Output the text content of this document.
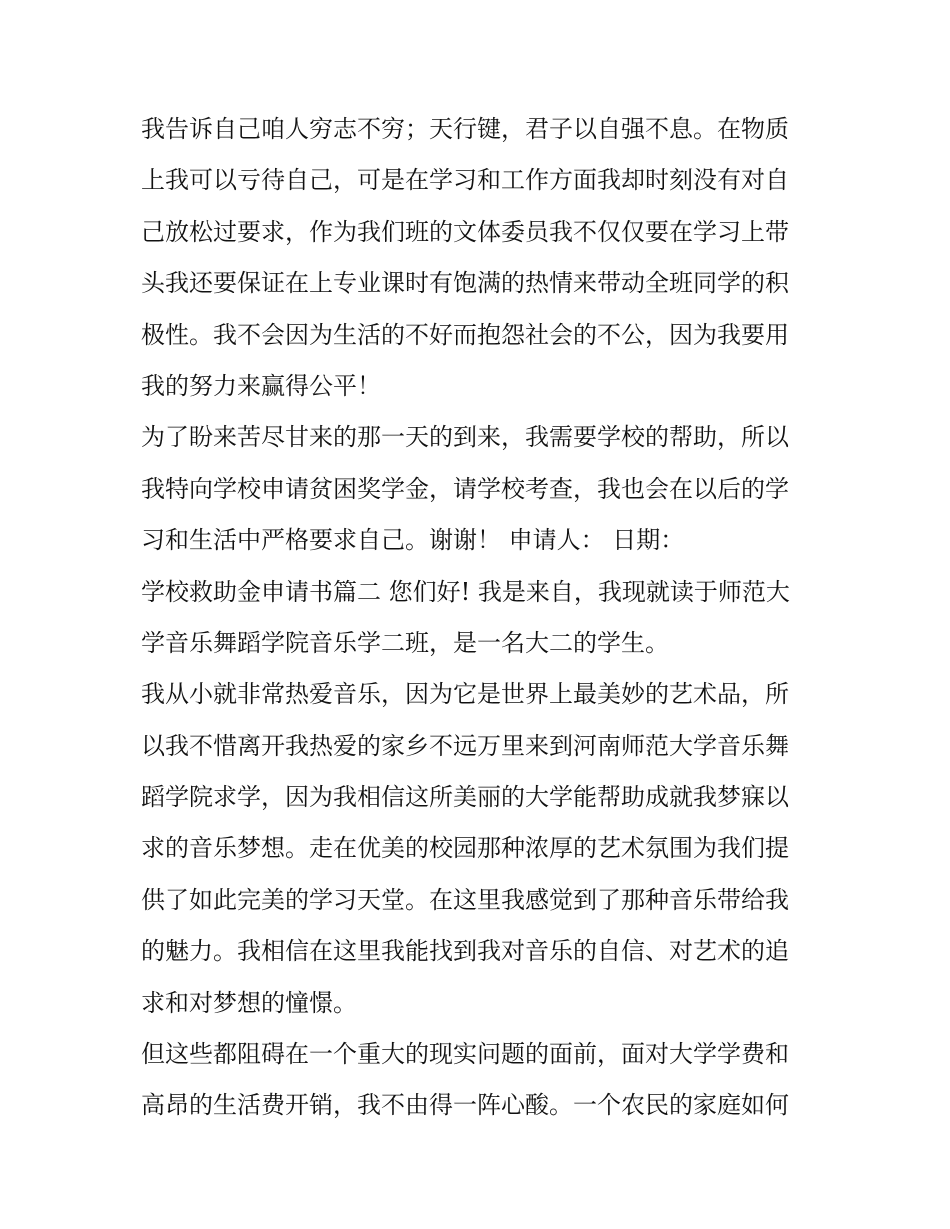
我告诉自己咱人穷志不穷；天行键，君子以自强不息。在物质
上我可以亏待自己，可是在学习和工作方面我却时刻没有对自
己放松过要求，作为我们班的文体委员我不仅仅要在学习上带
头我还要保证在上专业课时有饱满的热情来带动全班同学的积
极性。我不会因为生活的不好而抱怨社会的不公，因为我要用
我的努力来赢得公平！
为了盼来苦尽甘来的那一天的到来，我需要学校的帮助，所以
我特向学校申请贫困奖学金，请学校考查，我也会在以后的学
习和生活中严格要求自己。谢谢！ 申请人： 日期：
学校救助金申请书篇二 您们好! 我是来自，我现就读于师范大
学音乐舞蹈学院音乐学二班，是一名大二的学生。
我从小就非常热爱音乐，因为它是世界上最美妙的艺术品，所
以我不惜离开我热爱的家乡不远万里来到河南师范大学音乐舞
蹈学院求学，因为我相信这所美丽的大学能帮助成就我梦寐以
求的音乐梦想。走在优美的校园那种浓厚的艺术氛围为我们提
供了如此完美的学习天堂。在这里我感觉到了那种音乐带给我
的魅力。我相信在这里我能找到我对音乐的自信、对艺术的追
求和对梦想的憧憬。
但这些都阻碍在一个重大的现实问题的面前，面对大学学费和
高昂的生活费开销，我不由得一阵心酸。一个农民的家庭如何
